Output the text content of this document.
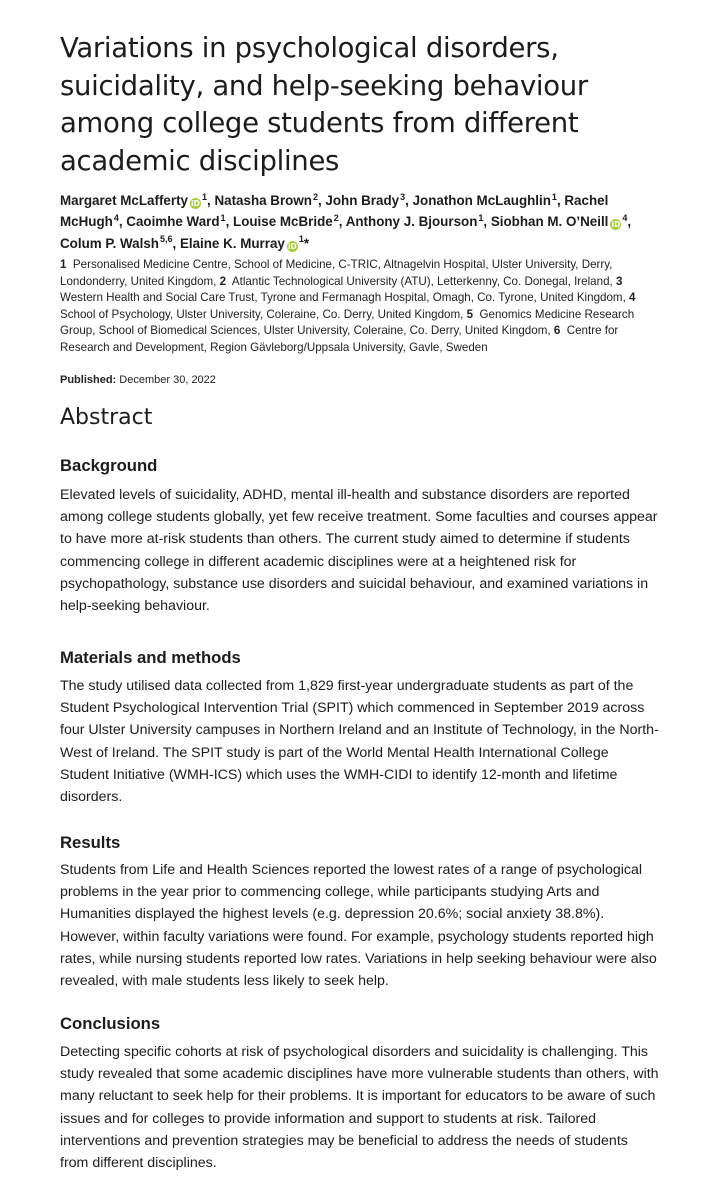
Variations in psychological disorders, suicidality, and help-seeking behaviour among college students from different academic disciplines
Margaret McLafferty $iD^1$, Natasha Brown$^2$, John Brady$^3$, Jonathon McLaughlin$^1$, Rachel McHugh$^4$, Caoimhe Ward$^1$, Louise McBride$^2$, Anthony J. Bjourson$^1$, Siobhan M. O’Neill $iD^4$, Colum P. Walsh$^{5,6}$, Elaine K. Murray $iD^1*$
1 Personalised Medicine Centre, School of Medicine, C-TRIC, Altnagelvin Hospital, Ulster University, Derry, Londonderry, United Kingdom, 2 Atlantic Technological University (ATU), Letterkenny, Co. Donegal, Ireland, 3  Western Health and Social Care Trust, Tyrone and Fermanagh Hospital, Omagh, Co. Tyrone, United Kingdom, 4  School of Psychology, Ulster University, Coleraine, Co. Derry, United Kingdom, 5 Genomics Medicine Research Group, School of Biomedical Sciences, Ulster University, Coleraine, Co. Derry, United Kingdom, 6 Centre for Research and Development, Region Gävleborg/Uppsala University, Gavle, Sweden
Published: December 30, 2022
Abstract
Background

Elevated levels of suicidality, ADHD, mental ill-health and substance disorders are reported among college students globally, yet few receive treatment. Some faculties and courses appear to have more at-risk students than others. The current study aimed to determine if students commencing college in different academic disciplines were at a heightened risk for psychopathology, substance use disorders and suicidal behaviour, and examined variations in help-seeking behaviour.

Materials and methods

The study utilised data collected from 1,829 first-year undergraduate students as part of the Student Psychological Intervention Trial (SPIT) which commenced in September 2019 across four Ulster University campuses in Northern Ireland and an Institute of Technology, in the North-West of Ireland. The SPIT study is part of the World Mental Health International College Student Initiative (WMH-ICS) which uses the WMH-CIDI to identify 12-month and lifetime disorders.

Results

Students from Life and Health Sciences reported the lowest rates of a range of psychological problems in the year prior to commencing college, while participants studying Arts and Humanities displayed the highest levels (e.g. depression 20.6%; social anxiety 38.8%). However, within faculty variations were found. For example, psychology students reported high rates, while nursing students reported low rates. Variations in help seeking behaviour were also revealed, with male students less likely to seek help.

Conclusions

Detecting specific cohorts at risk of psychological disorders and suicidality is challenging. This study revealed that some academic disciplines have more vulnerable students than others, with many reluctant to seek help for their problems. It is important for educators to be aware of such issues and for colleges to provide information and support to students at risk. Tailored interventions and prevention strategies may be beneficial to address the needs of students from different disciplines.
